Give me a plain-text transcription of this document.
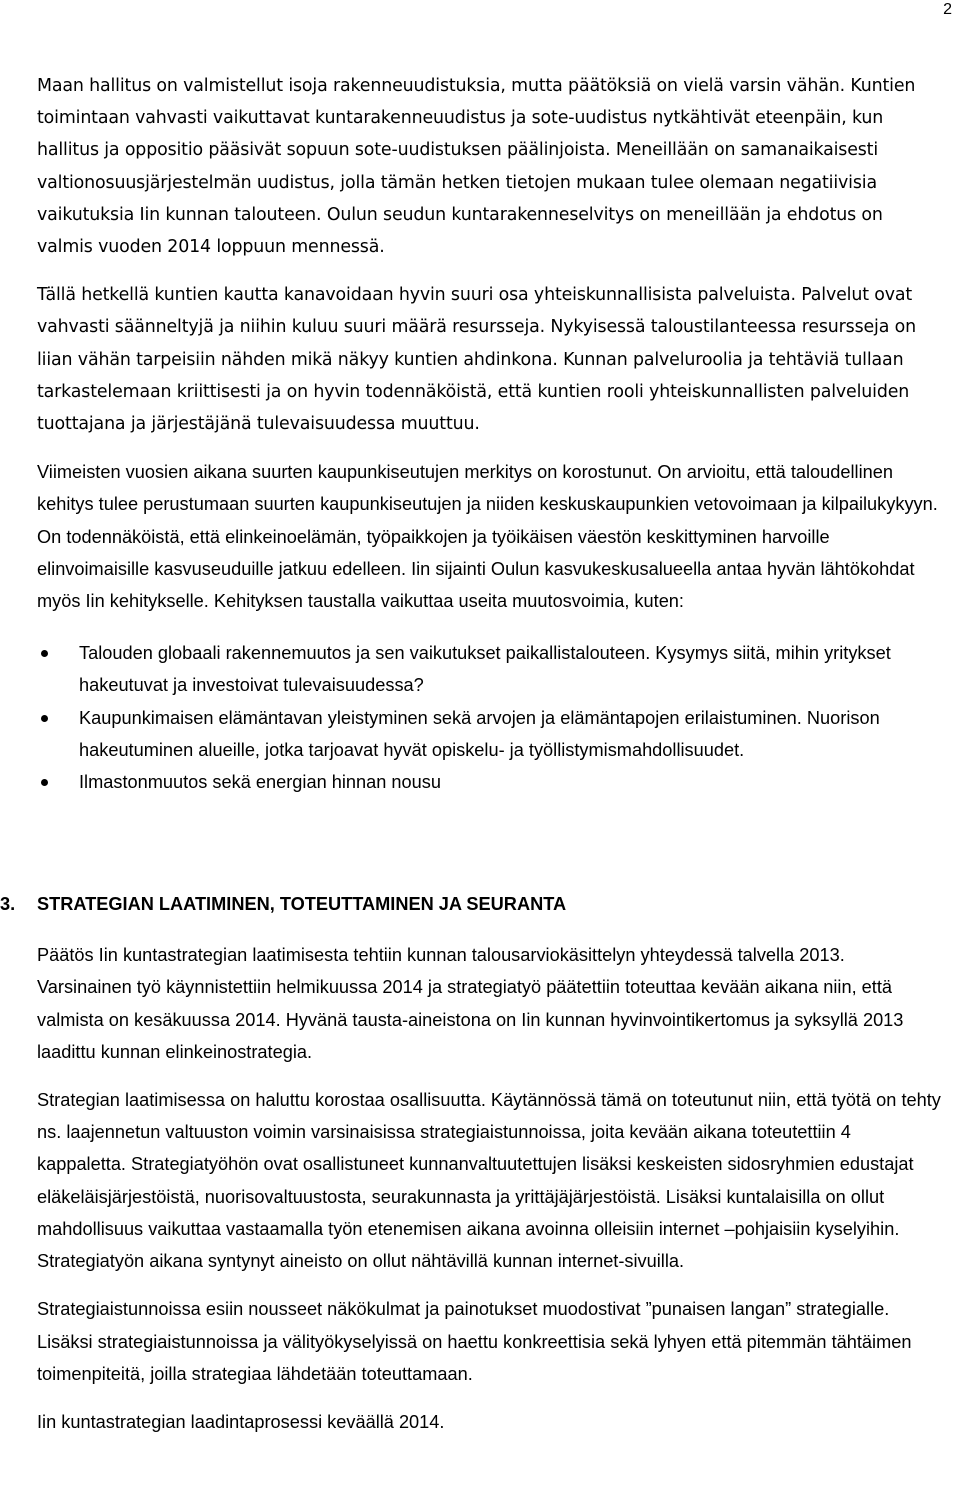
2

Maan hallitus on valmistellut isoja rakenneuudistuksia, mutta päätöksiä on vielä varsin vähän. Kuntien toimintaan vahvasti vaikuttavat kuntarakenneuudistus ja sote-uudistus nytkähtivät eteenpäin, kun hallitus ja oppositio pääsivät sopuun sote-uudistuksen päälinjoista. Meneillään on samanaikaisesti valtionosuusjärjestelmän uudistus, jolla tämän hetken tietojen mukaan tulee olemaan negatiivisia vaikutuksia Iin kunnan talouteen. Oulun seudun kuntarakenneselvitys on meneillään ja ehdotus on valmis vuoden 2014 loppuun mennessä.

Tällä hetkellä kuntien kautta kanavoidaan hyvin suuri osa yhteiskunnallisista palveluista. Palvelut ovat vahvasti säänneltyjä ja niihin kuluu suuri määrä resursseja. Nykyisessä taloustilanteessa resursseja on liian vähän tarpeisiin nähden mikä näkyy kuntien ahdinkona. Kunnan palveluroolia ja tehtäviä tullaan tarkastelemaan kriittisesti ja on hyvin todennäköistä, että kuntien rooli yhteiskunnallisten palveluiden tuottajana ja järjestäjänä tulevaisuudessa muuttuu.

Viimeisten vuosien aikana suurten kaupunkiseutujen merkitys on korostunut. On arvioitu, että taloudellinen kehitys tulee perustumaan suurten kaupunkiseutujen ja niiden keskuskaupunkien vetovoimaan ja kilpailukykyyn. On todennäköistä, että elinkeinoelämän, työpaikkojen ja työikäisen väestön keskittyminen harvoille elinvoimaisille kasvuseuduille jatkuu edelleen. Iin sijainti Oulun kasvukeskusalueella antaa hyvän lähtökohdat myös Iin kehitykselle. Kehityksen taustalla vaikuttaa useita muutosvoimia, kuten:

Talouden globaali rakennemuutos ja sen vaikutukset paikallistalouteen. Kysymys siitä, mihin yritykset hakeutuvat ja investoivat tulevaisuudessa?
Kaupunkimaisen elämäntavan yleistyminen sekä arvojen ja elämäntapojen erilaistuminen. Nuorison hakeutuminen alueille, jotka tarjoavat hyvät opiskelu- ja työllistymismahdollisuudet.
Ilmastonmuutos sekä energian hinnan nousu
3.	STRATEGIAN LAATIMINEN, TOTEUTTAMINEN JA SEURANTA

Päätös Iin kuntastrategian laatimisesta tehtiin kunnan talousarviokäsittelyn yhteydessä talvella 2013. Varsinainen työ käynnistettiin helmikuussa 2014 ja strategiatyö päätettiin toteuttaa kevään aikana niin, että valmista on kesäkuussa 2014. Hyvänä tausta-aineistona on Iin kunnan hyvinvointikertomus ja syksyllä 2013 laadittu kunnan elinkeinostrategia.

Strategian laatimisessa on haluttu korostaa osallisuutta. Käytännössä tämä on toteutunut niin, että työtä on tehty ns. laajennetun valtuuston voimin varsinaisissa strategiaistunnoissa, joita kevään aikana toteutettiin 4 kappaletta. Strategiatyöhön ovat osallistuneet kunnanvaltuutettujen lisäksi keskeisten sidosryhmien edustajat eläkeläisjärjestöistä, nuorisovaltuustosta, seurakunnasta ja yrittäjäjärjestöistä. Lisäksi kuntalaisilla on ollut mahdollisuus vaikuttaa vastaamalla työn etenemisen aikana avoinna olleisiin internet –pohjaisiin kyselyihin. Strategiatyön aikana syntynyt aineisto on ollut nähtävillä kunnan internet-sivuilla.

Strategiaistunnoissa esiin nousseet näkökulmat ja painotukset muodostivat ”punaisen langan” strategialle. Lisäksi strategiaistunnoissa ja välityökyselyissä on haettu konkreettisia sekä lyhyen että pitemmän tähtäimen toimenpiteitä, joilla strategiaa lähdetään toteuttamaan.

Iin kuntastrategian laadintaprosessi keväällä 2014.
